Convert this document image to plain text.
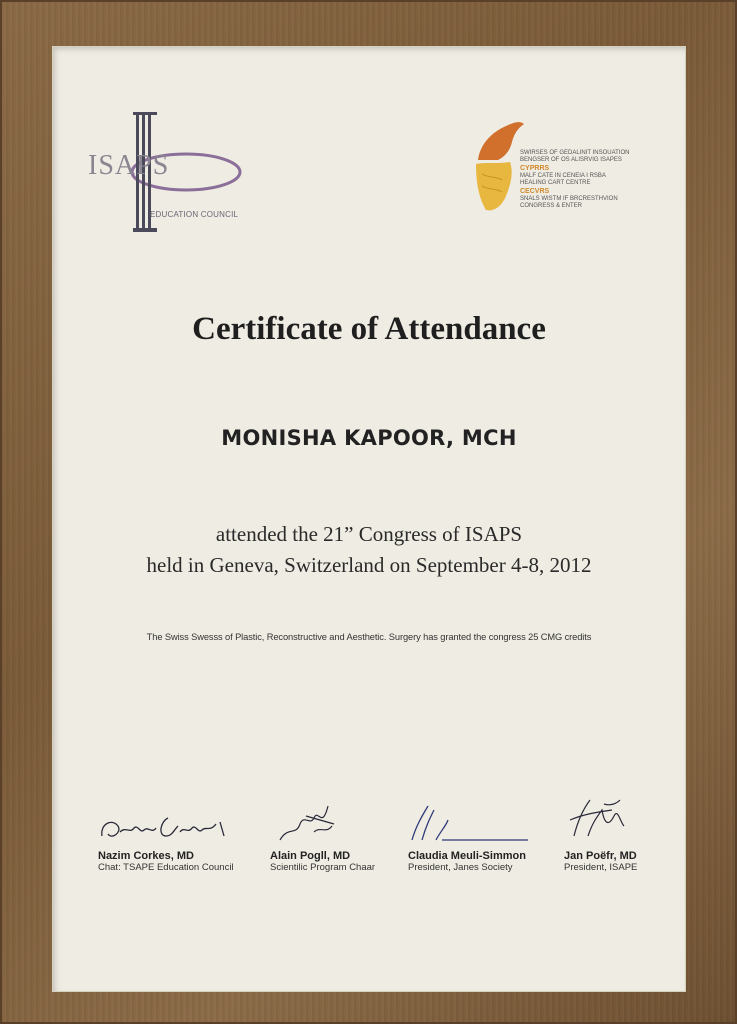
ISAPS
EDUCATION COUNCIL
SWIRSES OF GEDALINIT INSOUATION
BENGSER OF OS ALISRVIG ISAPES
CYPRRS
MALF CATE IN CENEIA I RSBA
HEALING CART CENTRE
CECVRS
SNALS WISTM IF BRCRESTHVION
CONGRESS & ENTER
Certificate of Attendance
MONISHA KAPOOR, MCH
attended the 21” Congress of ISAPS
held in Geneva, Switzerland on September 4-8, 2012
The Swiss Swesss of Plastic, Reconstructive and Aesthetic. Surgery has granted the congress 25 CMG credits
Nazim Corkes, MD
Chat: TSAPE Education Council
Alain Pogll, MD
Scientilic Program Chaar
Claudia Meuli-Simmon
President, Janes Society
Jan Poëfr, MD
President, ISAPE
